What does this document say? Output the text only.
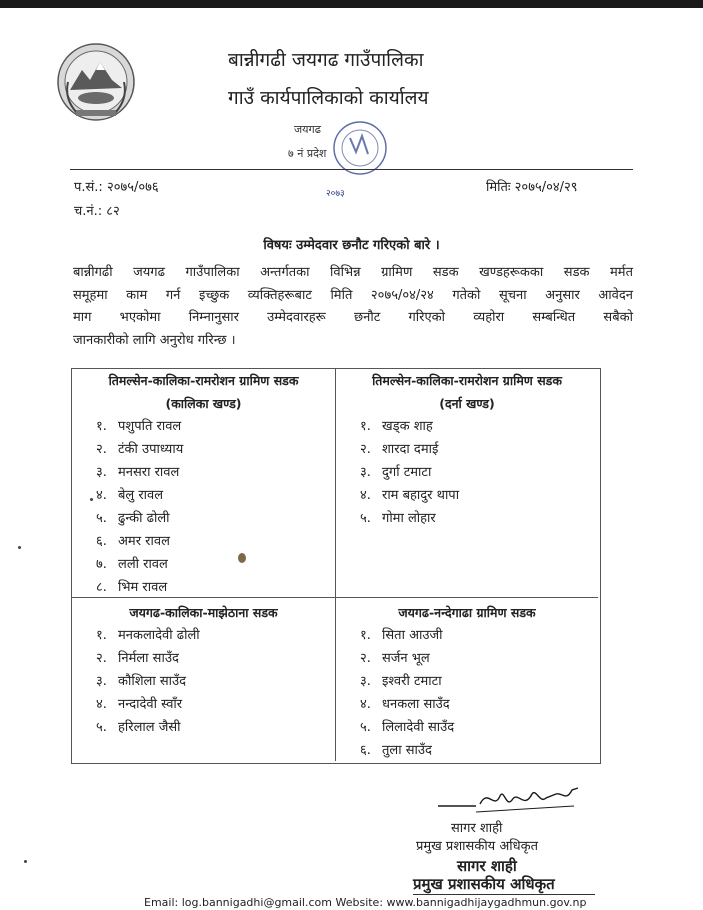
बान्नीगढी जयगढ गाउँपालिका
गाउँ कार्यपालिकाको कार्यालय
जयगढ
७ नं प्रदेश
२०७३
प.सं.: २०७५/०७६
च.नं.: ८२
मितिः २०७५/०४/२९
विषयः उम्मेदवार छनौट गरिएको बारे ।
बान्नीगढी जयगढ गाउँपालिका अन्तर्गतका विभिन्न ग्रामिण सडक खण्डहरूकका सडक मर्मत
समूहमा काम गर्न इच्छुक व्यक्तिहरूबाट मिति २०७५/०४/२४ गतेको सूचना अनुसार आवेदन
माग भएकोमा निम्नानुसार उम्मेदवारहरू छनौट गरिएको व्यहोरा सम्बन्धित सबैको
जानकारीको लागि अनुरोध गरिन्छ ।
तिमल्सेन-कालिका-रामरोशन ग्रामिण सडक
(कालिका खण्ड)
१. पशुपति रावल
२. टंकी उपाध्याय
३. मनसरा रावल
४. बेलु रावल
५. ढुन्की ढोली
६. अमर रावल
७. लली रावल
८. भिम रावल
तिमल्सेन-कालिका-रामरोशन ग्रामिण सडक
(दर्ना खण्ड)
१. खड्क शाह
२. शारदा दमाई
३. दुर्गा टमाटा
४. राम बहादुर थापा
५. गोमा लोहार
जयगढ-कालिका-माझेठाना सडक
१. मनकलादेवी ढोली
२. निर्मला साउँद
३. कौशिला साउँद
४. नन्दादेवी स्वाँर
५. हरिलाल जैसी
जयगढ-नन्देगाढा ग्रामिण सडक
१. सिता आउजी
२. सर्जन भूल
३. इश्वरी टमाटा
४. धनकला साउँद
५. लिलादेवी साउँद
६. तुला साउँद
सागर शाही
प्रमुख प्रशासकीय अधिकृत
सागर शाही
प्रमुख प्रशासकीय अधिकृत
Email: log.bannigadhi@gmail.com Website: www.bannigadhijaygadhmun.gov.np
